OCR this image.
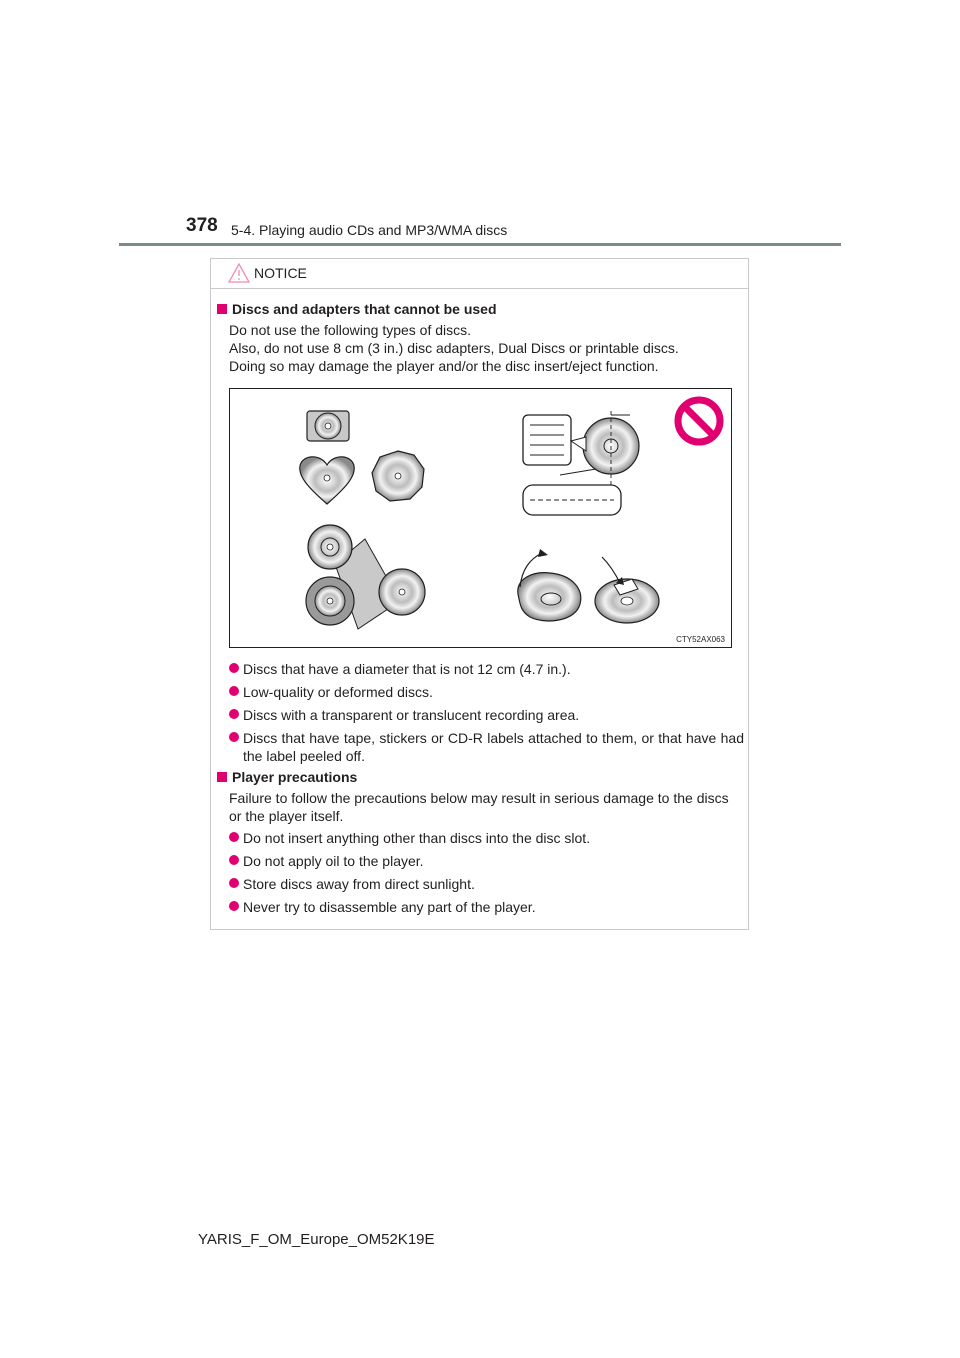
378 5-4. Playing audio CDs and MP3/WMA discs
NOTICE
Discs and adapters that cannot be used
Do not use the following types of discs.
Also, do not use 8 cm (3 in.) disc adapters, Dual Discs or printable discs.
Doing so may damage the player and/or the disc insert/eject function.
CTY52AX063
Discs that have a diameter that is not 12 cm (4.7 in.).
Low-quality or deformed discs.
Discs with a transparent or translucent recording area.
Discs that have tape, stickers or CD-R labels attached to them, or that have had the label peeled off.
Player precautions
Failure to follow the precautions below may result in serious damage to the discs or the player itself.
Do not insert anything other than discs into the disc slot.
Do not apply oil to the player.
Store discs away from direct sunlight.
Never try to disassemble any part of the player.
YARIS_F_OM_Europe_OM52K19E
